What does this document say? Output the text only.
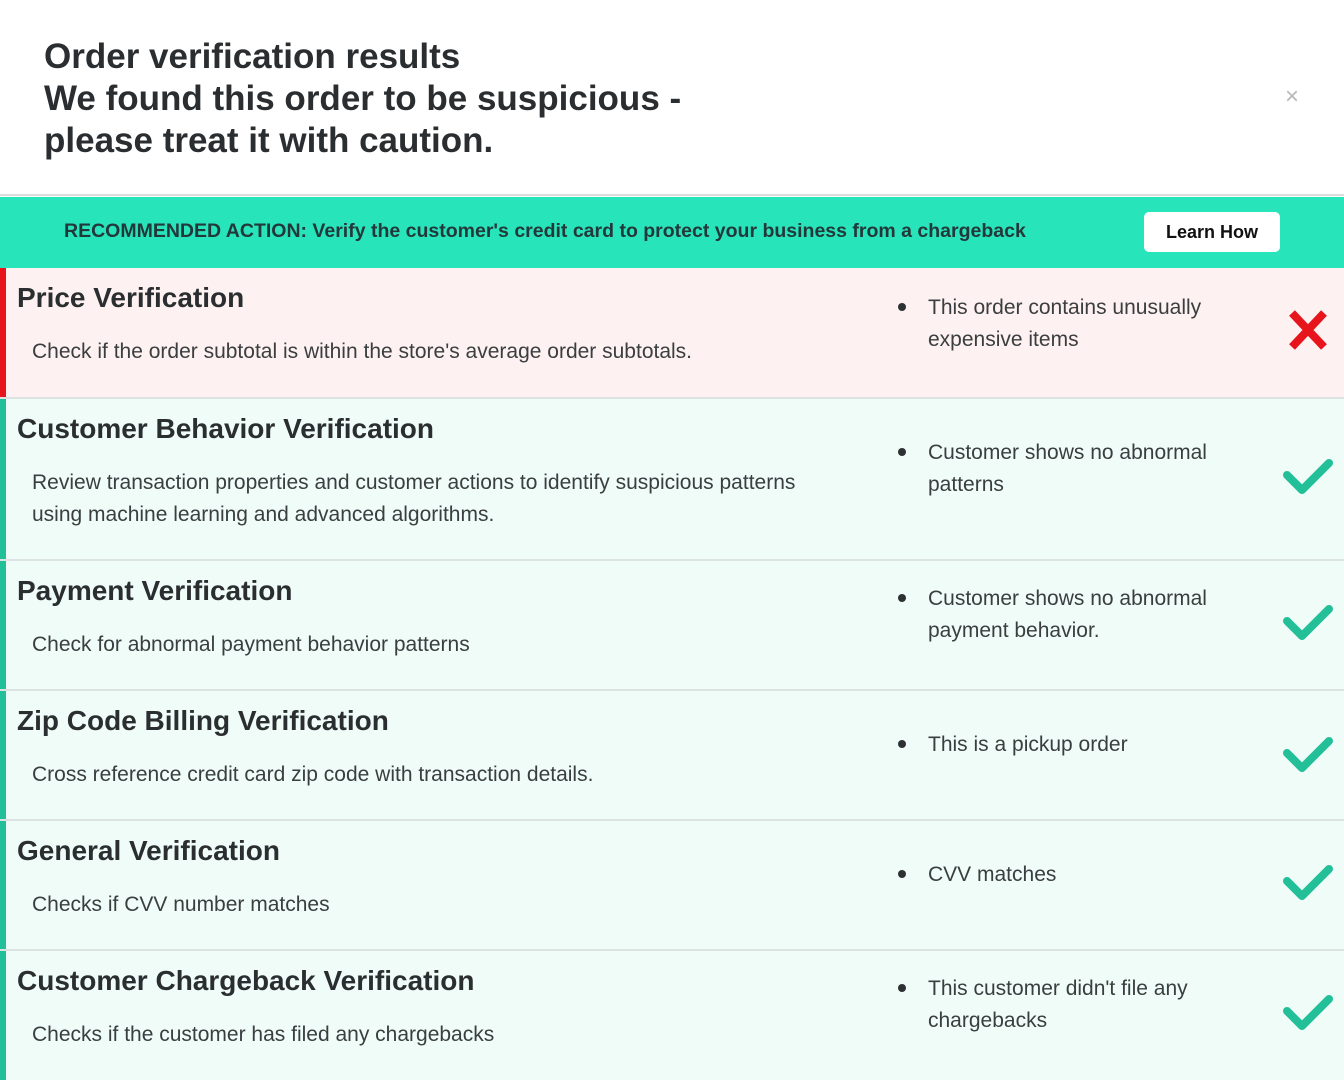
Order verification results
We found this order to be suspicious -
please treat it with caution.
×
RECOMMENDED ACTION: Verify the customer's credit card to protect your business from a chargeback	Learn How
Price Verification
Check if the order subtotal is within the store's average order subtotals.
This order contains unusually expensive items
Customer Behavior Verification
Review transaction properties and customer actions to identify suspicious patterns using machine learning and advanced algorithms.
Customer shows no abnormal patterns
Payment Verification
Check for abnormal payment behavior patterns
Customer shows no abnormal payment behavior.
Zip Code Billing Verification
Cross reference credit card zip code with transaction details.
This is a pickup order
General Verification
Checks if CVV number matches
CVV matches
Customer Chargeback Verification
Checks if the customer has filed any chargebacks
This customer didn't file any chargebacks
